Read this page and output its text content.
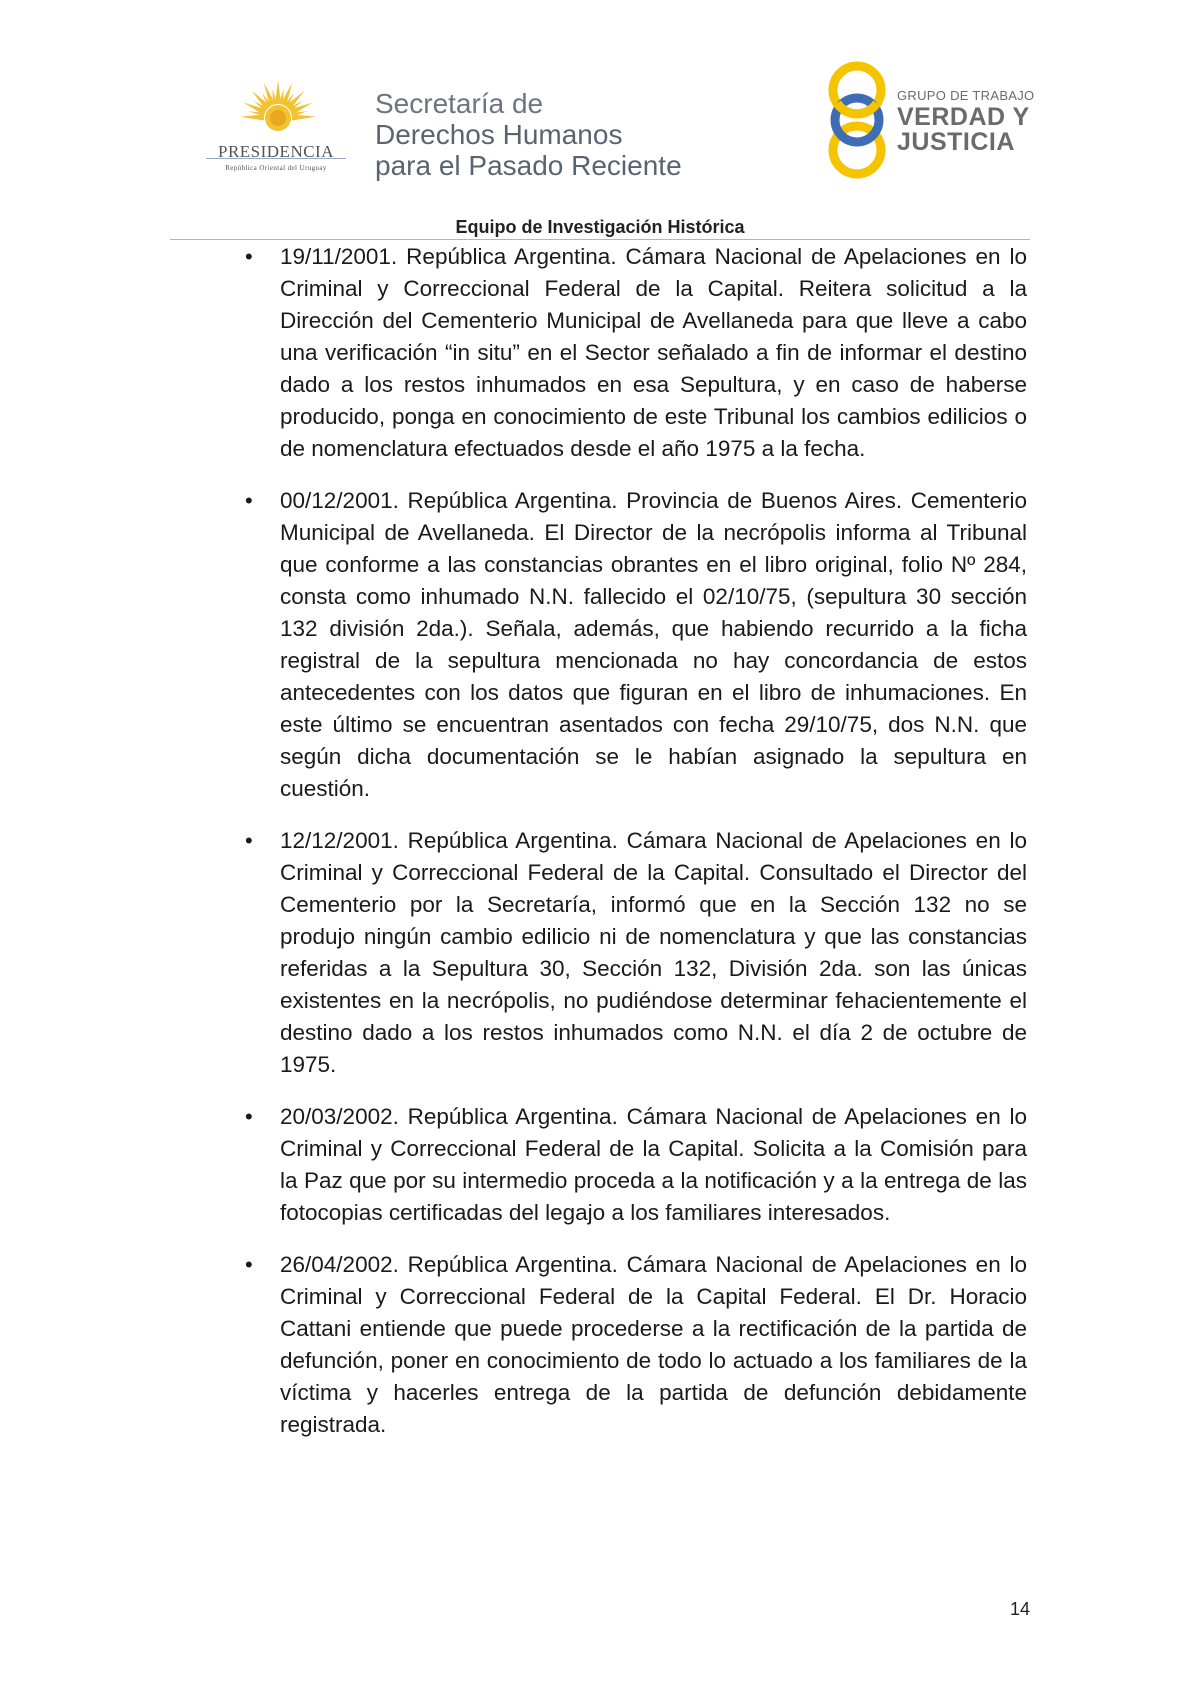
PRESIDENCIA
República Oriental del Uruguay
Secretaría de
Derechos Humanos
para el Pasado Reciente
GRUPO DE TRABAJO
VERDAD Y
JUSTICIA
Equipo de Investigación Histórica
• 19/11/2001. República Argentina. Cámara Nacional de Apelaciones en lo Criminal y Correccional Federal de la Capital. Reitera solicitud a la Dirección del Cementerio Municipal de Avellaneda para que lleve a cabo una verificación “in situ” en el Sector señalado a fin de informar el destino dado a los restos inhumados en esa Sepultura, y en caso de haberse producido, ponga en conocimiento de este Tribunal los cambios edilicios o de nomenclatura efectuados desde el año 1975 a la fecha.
• 00/12/2001. República Argentina. Provincia de Buenos Aires. Cementerio Municipal de Avellaneda. El Director de la necrópolis informa al Tribunal que conforme a las constancias obrantes en el libro original, folio Nº 284, consta como inhumado N.N. fallecido el 02/10/75, (sepultura 30 sección 132 división 2da.). Señala, además, que habiendo recurrido a la ficha registral de la sepultura mencionada no hay concordancia de estos antecedentes con los datos que figuran en el libro de inhumaciones. En este último se encuentran asentados con fecha 29/10/75, dos N.N. que según dicha documentación se le habían asignado la sepultura en cuestión.
• 12/12/2001. República Argentina. Cámara Nacional de Apelaciones en lo Criminal y Correccional Federal de la Capital. Consultado el Director del Cementerio por la Secretaría, informó que en la Sección 132 no se produjo ningún cambio edilicio ni de nomenclatura y que las constancias referidas a la Sepultura 30, Sección 132, División 2da. son las únicas existentes en la necrópolis, no pudiéndose determinar fehacientemente el destino dado a los restos inhumados como N.N. el día 2 de octubre de 1975.
• 20/03/2002. República Argentina. Cámara Nacional de Apelaciones en lo Criminal y Correccional Federal de la Capital. Solicita a la Comisión para la Paz que por su intermedio proceda a la notificación y a la entrega de las fotocopias certificadas del legajo a los familiares interesados.
• 26/04/2002. República Argentina. Cámara Nacional de Apelaciones en lo Criminal y Correccional Federal de la Capital Federal. El Dr. Horacio Cattani entiende que puede procederse a la rectificación de la partida de defunción, poner en conocimiento de todo lo actuado a los familiares de la víctima y hacerles entrega de la partida de defunción debidamente registrada.
14
